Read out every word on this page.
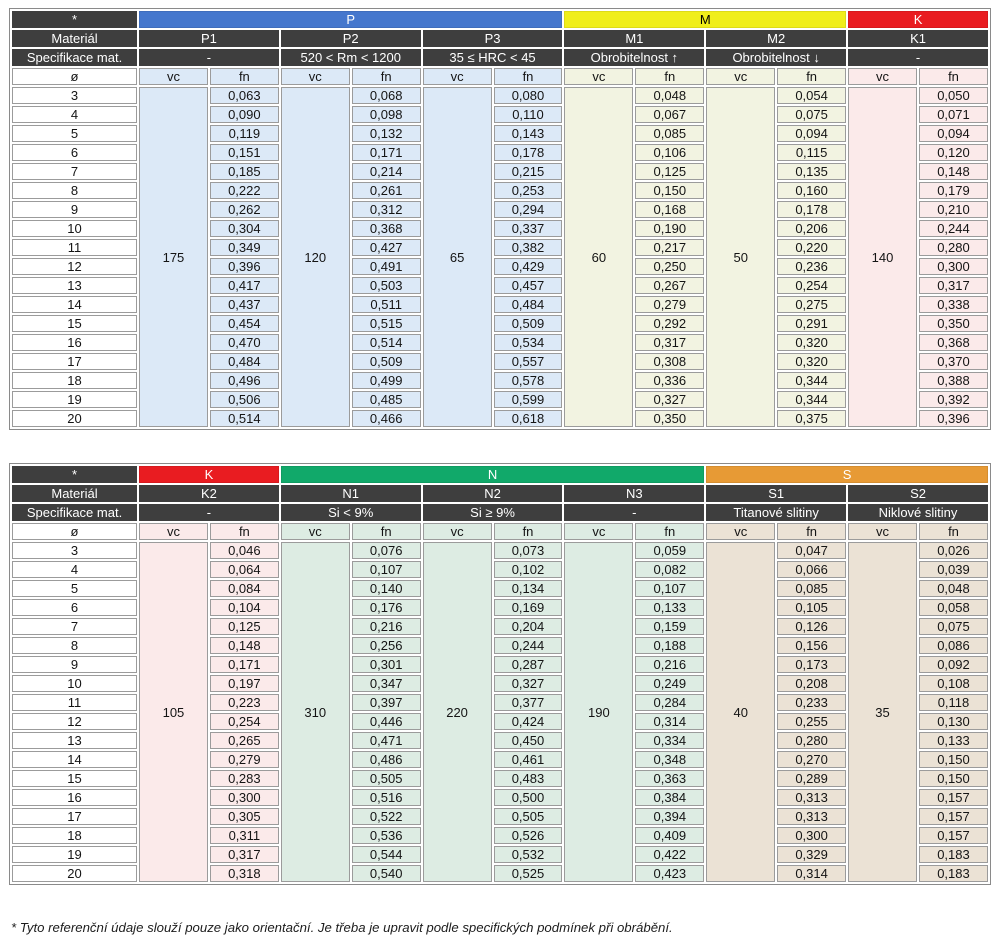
*	P						M				K	
Materiál	P1		P2		P3		M1		M2		K1	
Specifikace mat.	-		520 < Rm < 1200		35 ≤ HRC < 45		Obrobitelnost ↑		Obrobitelnost ↓		-	
ø	vc	fn	vc	fn	vc	fn	vc	fn	vc	fn	vc	fn
3	175	0,063	120	0,068	65	0,080	60	0,048	50	0,054	140	0,050
4		0,090		0,098		0,110		0,067		0,075		0,071
5		0,119		0,132		0,143		0,085		0,094		0,094
6		0,151		0,171		0,178		0,106		0,115		0,120
7		0,185		0,214		0,215		0,125		0,135		0,148
8		0,222		0,261		0,253		0,150		0,160		0,179
9		0,262		0,312		0,294		0,168		0,178		0,210
10		0,304		0,368		0,337		0,190		0,206		0,244
11		0,349		0,427		0,382		0,217		0,220		0,280
12		0,396		0,491		0,429		0,250		0,236		0,300
13		0,417		0,503		0,457		0,267		0,254		0,317
14		0,437		0,511		0,484		0,279		0,275		0,338
15		0,454		0,515		0,509		0,292		0,291		0,350
16		0,470		0,514		0,534		0,317		0,320		0,368
17		0,484		0,509		0,557		0,308		0,320		0,370
18		0,496		0,499		0,578		0,336		0,344		0,388
19		0,506		0,485		0,599		0,327		0,344		0,392
20		0,514		0,466		0,618		0,350		0,375		0,396
*	K		N						S			
Materiál	K2		N1		N2		N3		S1		S2	
Specifikace mat.	-		Si < 9%		Si ≥ 9%		-		Titanové slitiny		Niklové slitiny	
ø	vc	fn	vc	fn	vc	fn	vc	fn	vc	fn	vc	fn
3	105	0,046	310	0,076	220	0,073	190	0,059	40	0,047	35	0,026
4		0,064		0,107		0,102		0,082		0,066		0,039
5		0,084		0,140		0,134		0,107		0,085		0,048
6		0,104		0,176		0,169		0,133		0,105		0,058
7		0,125		0,216		0,204		0,159		0,126		0,075
8		0,148		0,256		0,244		0,188		0,156		0,086
9		0,171		0,301		0,287		0,216		0,173		0,092
10		0,197		0,347		0,327		0,249		0,208		0,108
11		0,223		0,397		0,377		0,284		0,233		0,118
12		0,254		0,446		0,424		0,314		0,255		0,130
13		0,265		0,471		0,450		0,334		0,280		0,133
14		0,279		0,486		0,461		0,348		0,270		0,150
15		0,283		0,505		0,483		0,363		0,289		0,150
16		0,300		0,516		0,500		0,384		0,313		0,157
17		0,305		0,522		0,505		0,394		0,313		0,157
18		0,311		0,536		0,526		0,409		0,300		0,157
19		0,317		0,544		0,532		0,422		0,329		0,183
20		0,318		0,540		0,525		0,423		0,314		0,183

* Tyto referenční údaje slouží pouze jako orientační. Je třeba je upravit podle specifických podmínek při obrábění.
